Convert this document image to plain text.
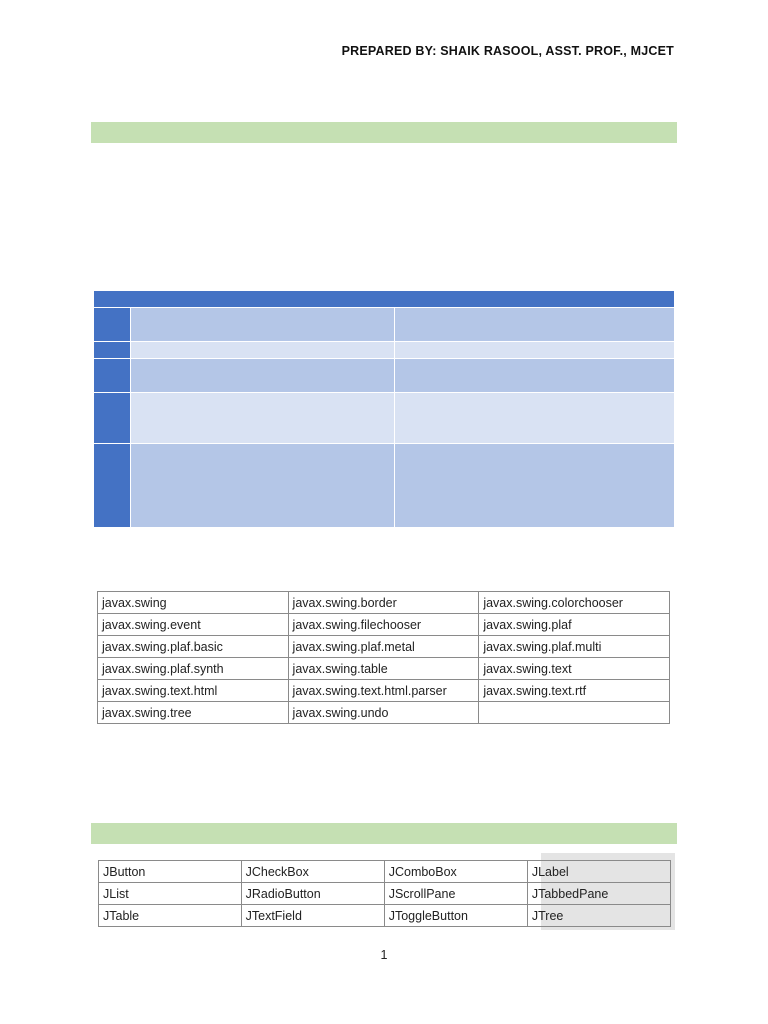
PREPARED BY: SHAIK RASOOL, ASST. PROF., MJCET
javax.swing	javax.swing.border	javax.swing.colorchooser
javax.swing.event	javax.swing.filechooser	javax.swing.plaf
javax.swing.plaf.basic	javax.swing.plaf.metal	javax.swing.plaf.multi
javax.swing.plaf.synth	javax.swing.table	javax.swing.text
javax.swing.text.html	javax.swing.text.html.parser	javax.swing.text.rtf
javax.swing.tree	javax.swing.undo	
JButton	JCheckBox	JComboBox	JLabel
JList	JRadioButton	JScrollPane	JTabbedPane
JTable	JTextField	JToggleButton	JTree
1
